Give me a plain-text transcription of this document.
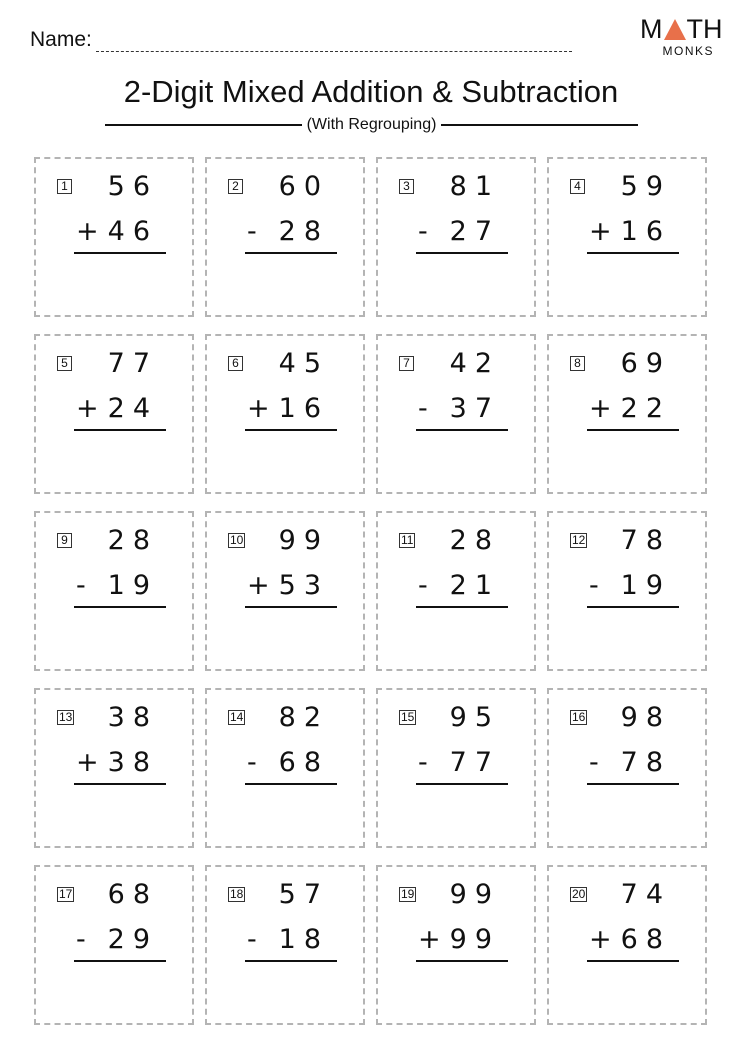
Name:	M TH
MONKS
2-Digit Mixed Addition & Subtraction
(With Regrouping)
1 56
+ 46
2 60
- 28
3 81
- 27
4 59
+ 16
5 77
+ 24
6 45
+ 16
7 42
- 37
8 69
+ 22
9 28
- 19
10 99
+ 53
11 28
- 21
12 78
- 19
13 38
+ 38
14 82
- 68
15 95
- 77
16 98
- 78
17 68
- 29
18 57
- 18
19 99
+ 99
20 74
+ 68
